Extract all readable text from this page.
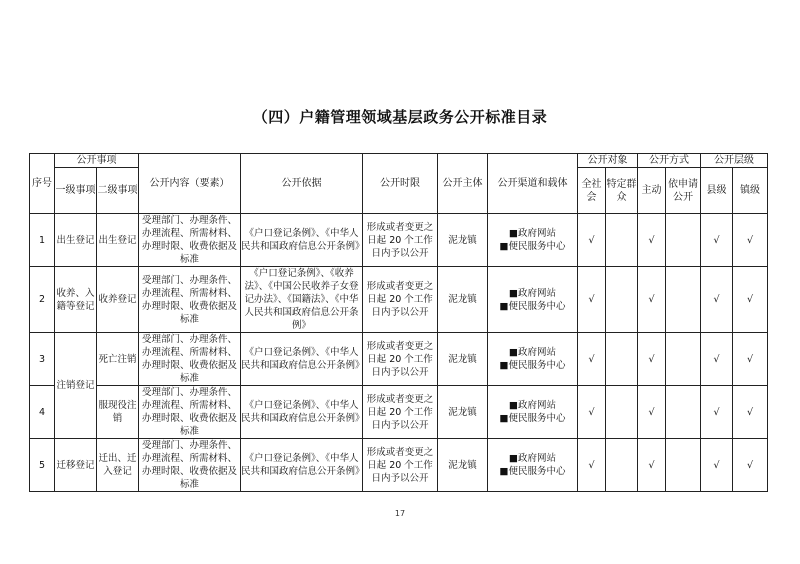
（四）户籍管理领域基层政务公开标准目录
序号	公开事项		公开内容（要素）	公开依据	公开时限	公开主体	公开渠道和载体	公开对象		公开方式		公开层级	
	一级事项	二级事项						全社会	特定群众	主动	依申请公开	县级	镇级
1	出生登记	出生登记	受理部门、办理条件、办理流程、所需材料、办理时限、收费依据及标准	《户口登记条例》、《中华人民共和国政府信息公开条例》	形成或者变更之日起 20 个工作日内予以公开	泥龙镇	■政府网站
■便民服务中心	√		√		√	√
2	收养、入籍等登记	收养登记	受理部门、办理条件、办理流程、所需材料、办理时限、收费依据及标准	《户口登记条例》、《收养法》、《中国公民收养子女登记办法》、《国籍法》、《中华人民共和国政府信息公开条例》	形成或者变更之日起 20 个工作日内予以公开	泥龙镇	■政府网站
■便民服务中心	√		√		√	√
3	注销登记	死亡注销	受理部门、办理条件、办理流程、所需材料、办理时限、收费依据及标准	《户口登记条例》、《中华人民共和国政府信息公开条例》	形成或者变更之日起 20 个工作日内予以公开	泥龙镇	■政府网站
■便民服务中心	√		√		√	√
4		服现役注销	受理部门、办理条件、办理流程、所需材料、办理时限、收费依据及标准	《户口登记条例》、《中华人民共和国政府信息公开条例》	形成或者变更之日起 20 个工作日内予以公开	泥龙镇	■政府网站
■便民服务中心	√		√		√	√
5	迁移登记	迁出、迁入登记	受理部门、办理条件、办理流程、所需材料、办理时限、收费依据及标准	《户口登记条例》、《中华人民共和国政府信息公开条例》	形成或者变更之日起 20 个工作日内予以公开	泥龙镇	■政府网站
■便民服务中心	√		√		√	√
17
